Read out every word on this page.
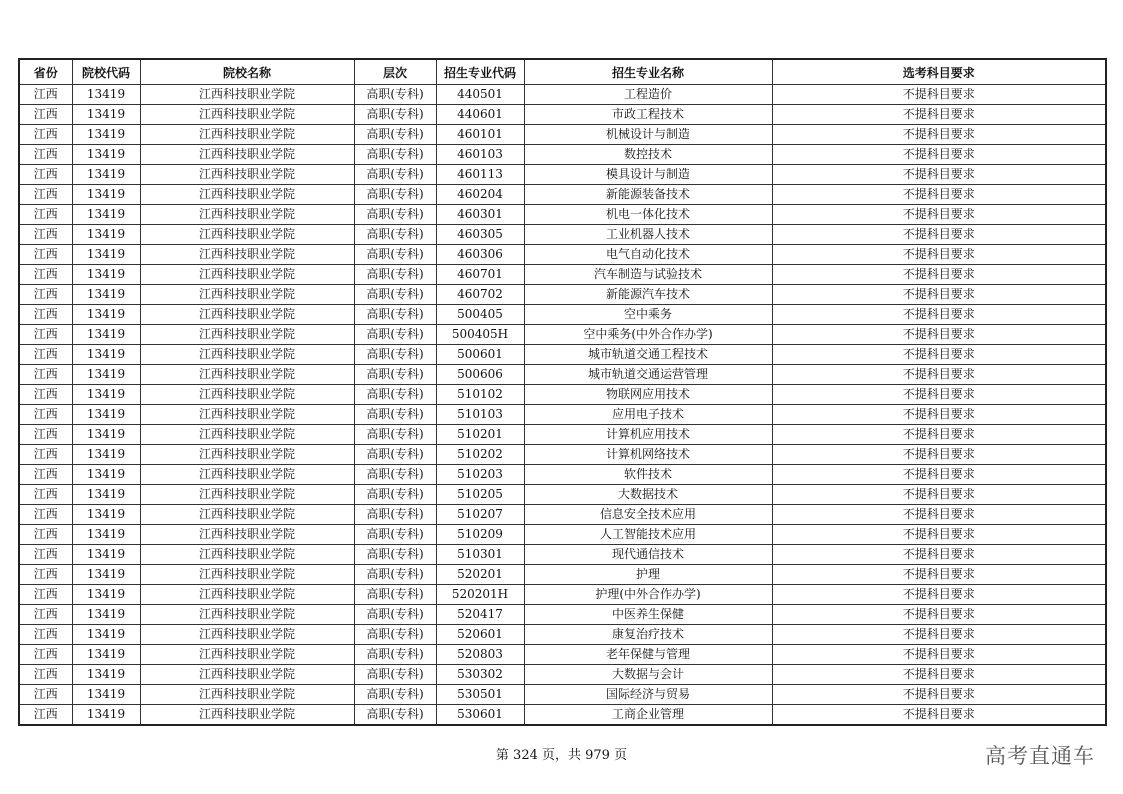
省份	院校代码	院校名称	层次	招生专业代码	招生专业名称	选考科目要求
江西	13419	江西科技职业学院	高职(专科)	440501	工程造价	不提科目要求
江西	13419	江西科技职业学院	高职(专科)	440601	市政工程技术	不提科目要求
江西	13419	江西科技职业学院	高职(专科)	460101	机械设计与制造	不提科目要求
江西	13419	江西科技职业学院	高职(专科)	460103	数控技术	不提科目要求
江西	13419	江西科技职业学院	高职(专科)	460113	模具设计与制造	不提科目要求
江西	13419	江西科技职业学院	高职(专科)	460204	新能源装备技术	不提科目要求
江西	13419	江西科技职业学院	高职(专科)	460301	机电一体化技术	不提科目要求
江西	13419	江西科技职业学院	高职(专科)	460305	工业机器人技术	不提科目要求
江西	13419	江西科技职业学院	高职(专科)	460306	电气自动化技术	不提科目要求
江西	13419	江西科技职业学院	高职(专科)	460701	汽车制造与试验技术	不提科目要求
江西	13419	江西科技职业学院	高职(专科)	460702	新能源汽车技术	不提科目要求
江西	13419	江西科技职业学院	高职(专科)	500405	空中乘务	不提科目要求
江西	13419	江西科技职业学院	高职(专科)	500405H	空中乘务(中外合作办学)	不提科目要求
江西	13419	江西科技职业学院	高职(专科)	500601	城市轨道交通工程技术	不提科目要求
江西	13419	江西科技职业学院	高职(专科)	500606	城市轨道交通运营管理	不提科目要求
江西	13419	江西科技职业学院	高职(专科)	510102	物联网应用技术	不提科目要求
江西	13419	江西科技职业学院	高职(专科)	510103	应用电子技术	不提科目要求
江西	13419	江西科技职业学院	高职(专科)	510201	计算机应用技术	不提科目要求
江西	13419	江西科技职业学院	高职(专科)	510202	计算机网络技术	不提科目要求
江西	13419	江西科技职业学院	高职(专科)	510203	软件技术	不提科目要求
江西	13419	江西科技职业学院	高职(专科)	510205	大数据技术	不提科目要求
江西	13419	江西科技职业学院	高职(专科)	510207	信息安全技术应用	不提科目要求
江西	13419	江西科技职业学院	高职(专科)	510209	人工智能技术应用	不提科目要求
江西	13419	江西科技职业学院	高职(专科)	510301	现代通信技术	不提科目要求
江西	13419	江西科技职业学院	高职(专科)	520201	护理	不提科目要求
江西	13419	江西科技职业学院	高职(专科)	520201H	护理(中外合作办学)	不提科目要求
江西	13419	江西科技职业学院	高职(专科)	520417	中医养生保健	不提科目要求
江西	13419	江西科技职业学院	高职(专科)	520601	康复治疗技术	不提科目要求
江西	13419	江西科技职业学院	高职(专科)	520803	老年保健与管理	不提科目要求
江西	13419	江西科技职业学院	高职(专科)	530302	大数据与会计	不提科目要求
江西	13419	江西科技职业学院	高职(专科)	530501	国际经济与贸易	不提科目要求
江西	13419	江西科技职业学院	高职(专科)	530601	工商企业管理	不提科目要求
第 324 页，共 979 页	高考直通车
